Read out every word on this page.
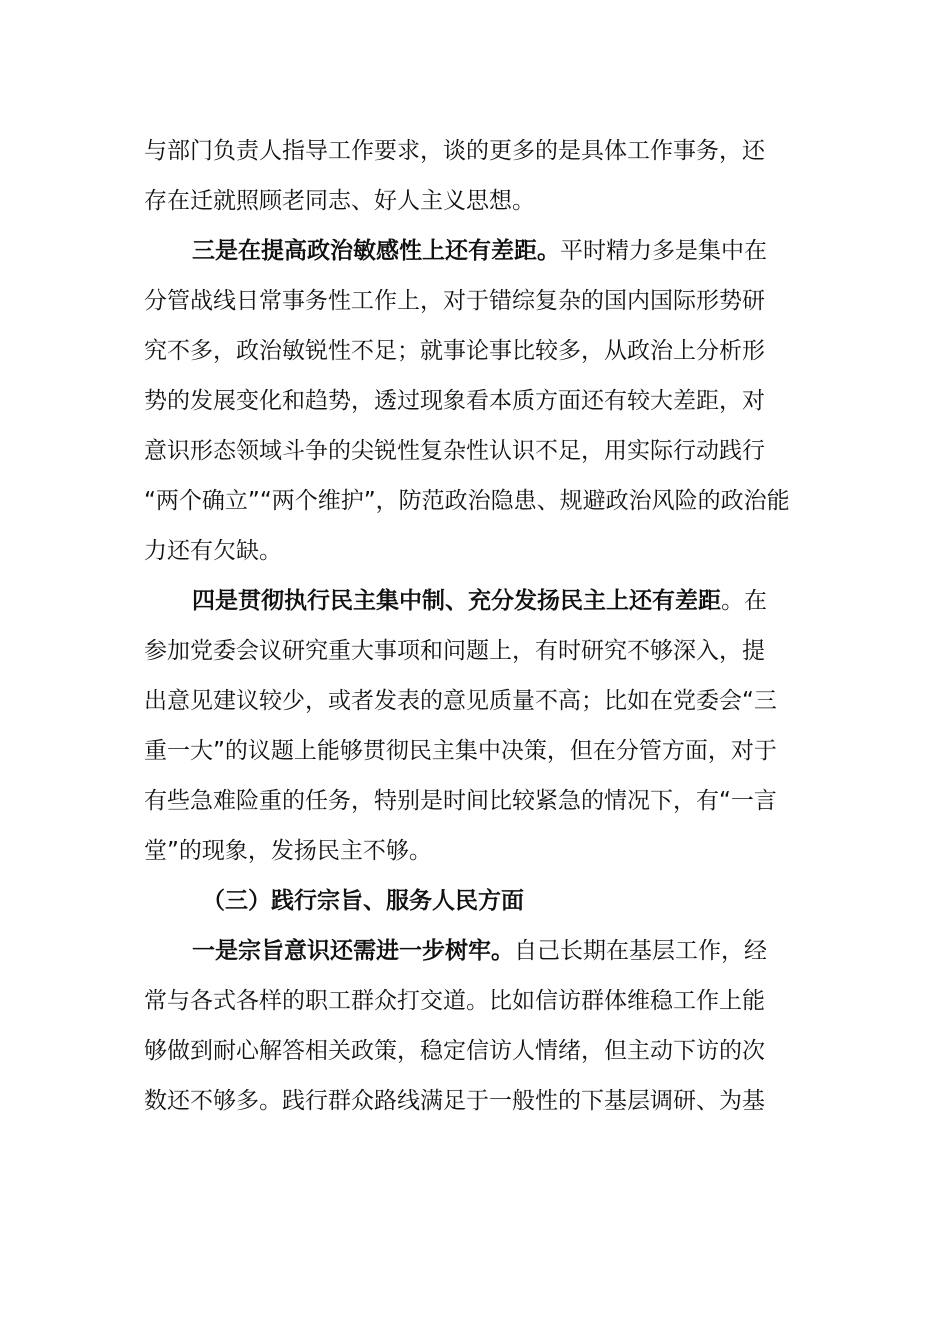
与部门负责人指导工作要求，谈的更多的是具体工作事务，还
存在迁就照顾老同志、好人主义思想。
三是在提高政治敏感性上还有差距。平时精力多是集中在
分管战线日常事务性工作上，对于错综复杂的国内国际形势研
究不多，政治敏锐性不足；就事论事比较多，从政治上分析形
势的发展变化和趋势，透过现象看本质方面还有较大差距，对
意识形态领域斗争的尖锐性复杂性认识不足，用实际行动践行
“两个确立”“两个维护”，防范政治隐患、规避政治风险的政治能
力还有欠缺。
四是贯彻执行民主集中制、充分发扬民主上还有差距。在
参加党委会议研究重大事项和问题上，有时研究不够深入，提
出意见建议较少，或者发表的意见质量不高；比如在党委会“三
重一大”的议题上能够贯彻民主集中决策，但在分管方面，对于
有些急难险重的任务，特别是时间比较紧急的情况下，有“一言
堂”的现象，发扬民主不够。
（三）践行宗旨、服务人民方面
一是宗旨意识还需进一步树牢。自己长期在基层工作，经
常与各式各样的职工群众打交道。比如信访群体维稳工作上能
够做到耐心解答相关政策，稳定信访人情绪，但主动下访的次
数还不够多。践行群众路线满足于一般性的下基层调研、为基
